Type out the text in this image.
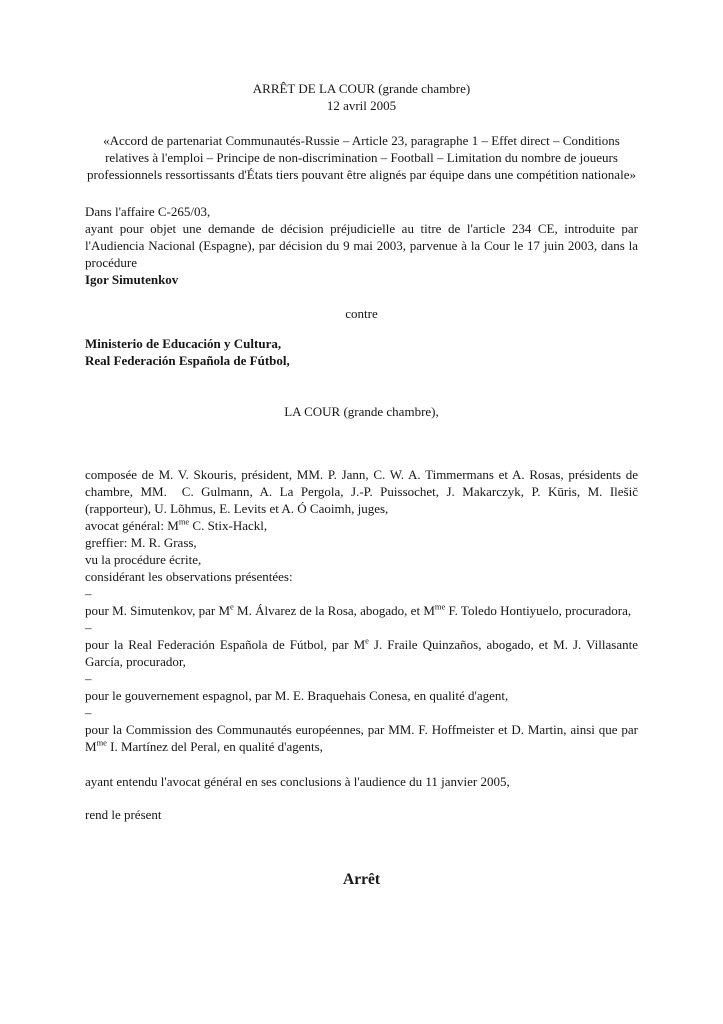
ARRÊT DE LA COUR (grande chambre)

12 avril 2005

«Accord de partenariat Communautés-Russie – Article 23, paragraphe 1 – Effet direct – Conditions relatives à l'emploi – Principe de non-discrimination – Football – Limitation du nombre de joueurs professionnels ressortissants d'États tiers pouvant être alignés par équipe dans une compétition nationale»

Dans l'affaire C-265/03,

ayant pour objet une demande de décision préjudicielle au titre de l'article 234 CE, introduite par l'Audiencia Nacional (Espagne), par décision du 9 mai 2003, parvenue à la Cour le 17 juin 2003, dans la procédure

Igor Simutenkov

contre

Ministerio de Educación y Cultura,

Real Federación Española de Fútbol,

LA COUR (grande chambre),

composée de M. V. Skouris, président, MM. P. Jann, C. W. A. Timmermans et A. Rosas, présidents de chambre, MM.  C. Gulmann, A. La Pergola, J.-P. Puissochet, J. Makarczyk, P. Kūris, M. Ilešič (rapporteur), U. Lõhmus, E. Levits et A. Ó Caoimh, juges,

avocat général: $M^{me}$ C. Stix-Hackl,

greffier: M. R. Grass,

vu la procédure écrite,

considérant les observations présentées:

–

pour M. Simutenkov, par Me M. Álvarez de la Rosa, abogado, et $M^{me}$ F. Toledo Hontiyuelo, procuradora,

–

pour la Real Federación Española de Fútbol, par Me J. Fraile Quinzaños, abogado, et M. J. Villasante García, procurador,

–

pour le gouvernement espagnol, par M. E. Braquehais Conesa, en qualité d'agent,

–

pour la Commission des Communautés européennes, par MM. F. Hoffmeister et D. Martin, ainsi que par $M^{me}$ I. Martínez del Peral, en qualité d'agents,

ayant entendu l'avocat général en ses conclusions à l'audience du 11 janvier 2005,

rend le présent

Arrêt
